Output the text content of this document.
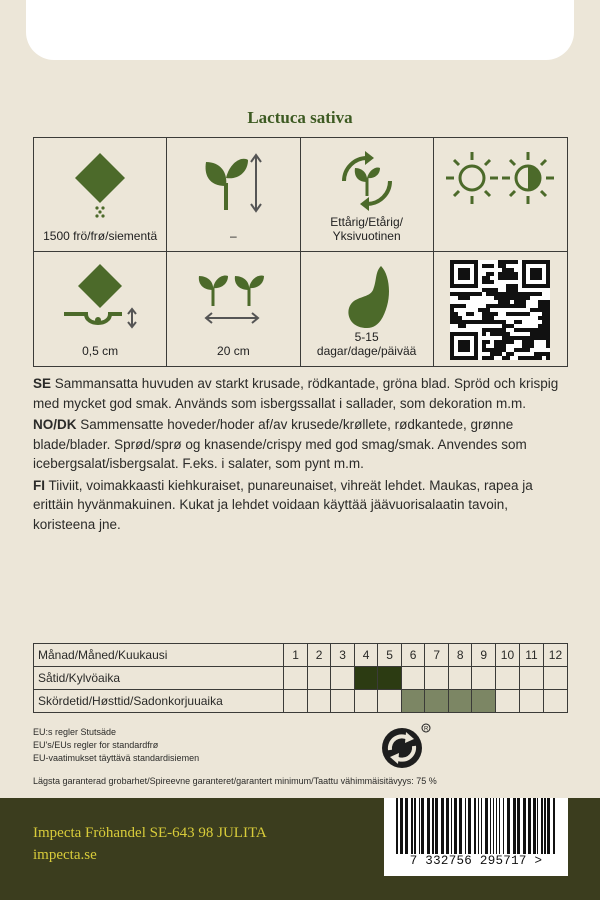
Lactuca sativa
1500 frö/frø/siementä	–
Ettårig/Etårig/
Yksivuotinen
0,5 cm	20 cm
5-15
dagar/dage/päivää

SE Sammansatta huvuden av starkt krusade, rödkantade, gröna blad. Spröd och krispig med mycket god smak. Används som isbergssallat i sallader, som dekoration m.m.

NO/DK Sammensatte hoveder/hoder af/av krusede/krøllete, rødkantede, grønne blade/blader. Sprød/sprø og knasende/crispy med god smag/smak. Anvendes som icebergsalat/isbergsalat. F.eks. i salater, som pynt m.m.

FI Tiiviit, voimakkaasti kiehkuraiset, punareunaiset, vihreät lehdet. Maukas, rapea ja erittäin hyvänmakuinen. Kukat ja lehdet voidaan käyttää jäävuorisalaatin tavoin, koristeena jne.

Månad/Måned/Kuukausi	1	2	3	4	5	6	7	8	9	10	11	12
Såtid/Kylvöaika												
Skördetid/Høsttid/Sadonkorjuuaika												
EU:s regler Stutsäde
EU's/EUs regler for standardfrø
EU-vaatimukset täyttävä standardisiemen
R
Lägsta garanterad grobarhet/Spireevne garanteret/garantert minimum/Taattu vähimmäisitävyys: 75 %
Impecta Fröhandel SE-643 98 JULITA
impecta.se	7 332756 295717 >
